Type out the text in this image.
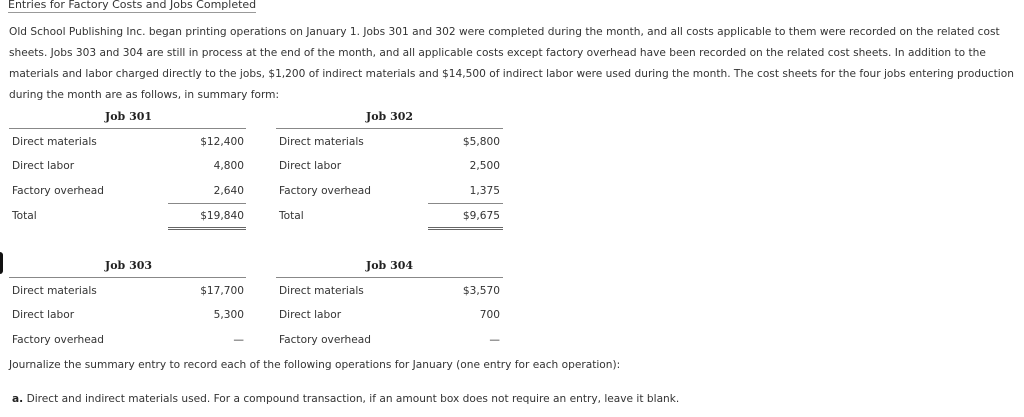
Entries for Factory Costs and Jobs Completed
Old School Publishing Inc. began printing operations on January 1. Jobs 301 and 302 were completed during the month, and all costs applicable to them were recorded on the related cost sheets. Jobs 303 and 304 are still in process at the end of the month, and all applicable costs except factory overhead have been recorded on the related cost sheets. In addition to the materials and labor charged directly to the jobs, $1,200 of indirect materials and $14,500 of indirect labor were used during the month. The cost sheets for the four jobs entering production during the month are as follows, in summary form:
Job 301
Direct materials	$12,400
Direct labor	4,800
Factory overhead	2,640
Total	$19,840
Job 302
Direct materials	$5,800
Direct labor	2,500
Factory overhead	1,375
Total	$9,675
Job 303
Direct materials	$17,700
Direct labor	5,300
Factory overhead	—
Job 304
Direct materials	$3,570
Direct labor	700
Factory overhead	—
Journalize the summary entry to record each of the following operations for January (one entry for each operation):
a. Direct and indirect materials used. For a compound transaction, if an amount box does not require an entry, leave it blank.
